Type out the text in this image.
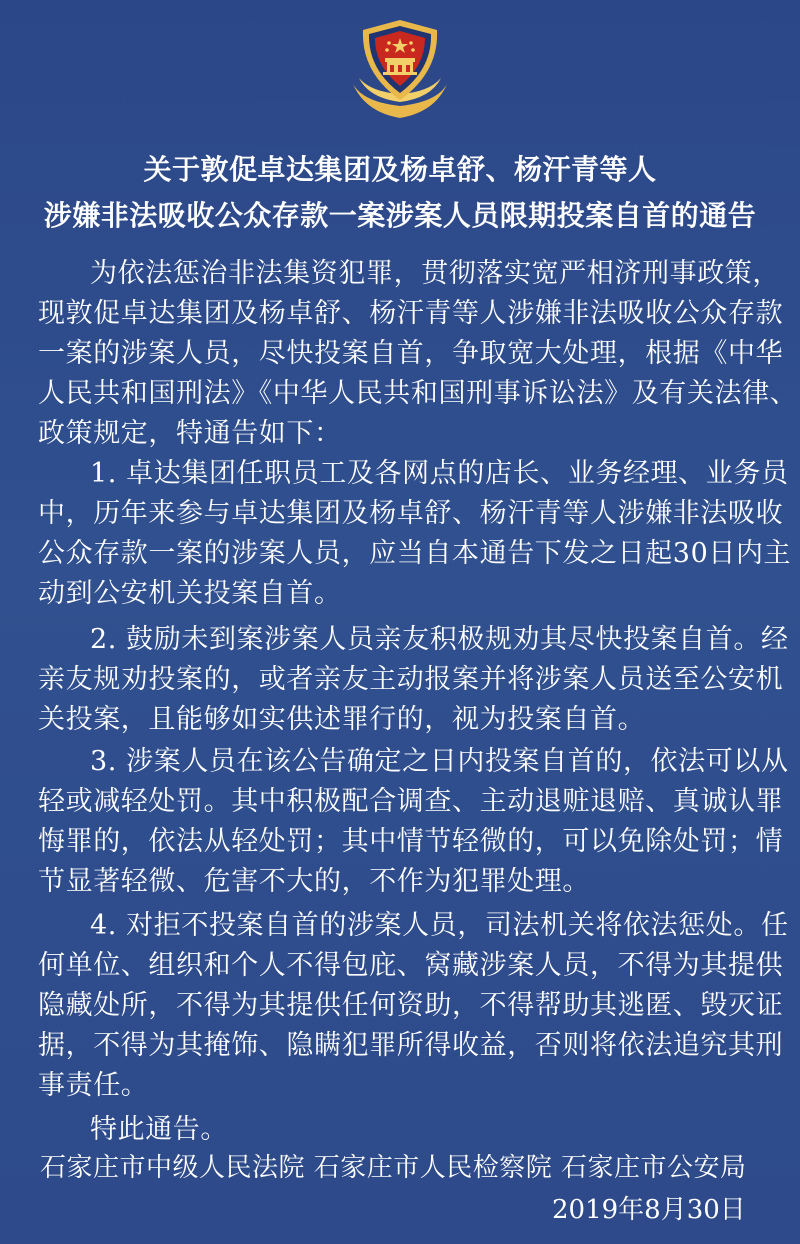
关于敦促卓达集团及杨卓舒、杨汗青等人
涉嫌非法吸收公众存款一案涉案人员限期投案自首的通告
为依法惩治非法集资犯罪，贯彻落实宽严相济刑事政策，
现敦促卓达集团及杨卓舒、杨汗青等人涉嫌非法吸收公众存款
一案的涉案人员，尽快投案自首，争取宽大处理，根据《中华
人民共和国刑法》《中华人民共和国刑事诉讼法》及有关法律、
政策规定，特通告如下：
1. 卓达集团任职员工及各网点的店长、业务经理、业务员
中，历年来参与卓达集团及杨卓舒、杨汗青等人涉嫌非法吸收
公众存款一案的涉案人员，应当自本通告下发之日起30日内主
动到公安机关投案自首。
2. 鼓励未到案涉案人员亲友积极规劝其尽快投案自首。经
亲友规劝投案的，或者亲友主动报案并将涉案人员送至公安机
关投案，且能够如实供述罪行的，视为投案自首。
3. 涉案人员在该公告确定之日内投案自首的，依法可以从
轻或减轻处罚。其中积极配合调查、主动退赃退赔、真诚认罪
悔罪的，依法从轻处罚；其中情节轻微的，可以免除处罚；情
节显著轻微、危害不大的，不作为犯罪处理。
4. 对拒不投案自首的涉案人员，司法机关将依法惩处。任
何单位、组织和个人不得包庇、窝藏涉案人员，不得为其提供
隐藏处所，不得为其提供任何资助，不得帮助其逃匿、毁灭证
据，不得为其掩饰、隐瞒犯罪所得收益，否则将依法追究其刑
事责任。
特此通告。
石家庄市中级人民法院 石家庄市人民检察院 石家庄市公安局
2019年8月30日
